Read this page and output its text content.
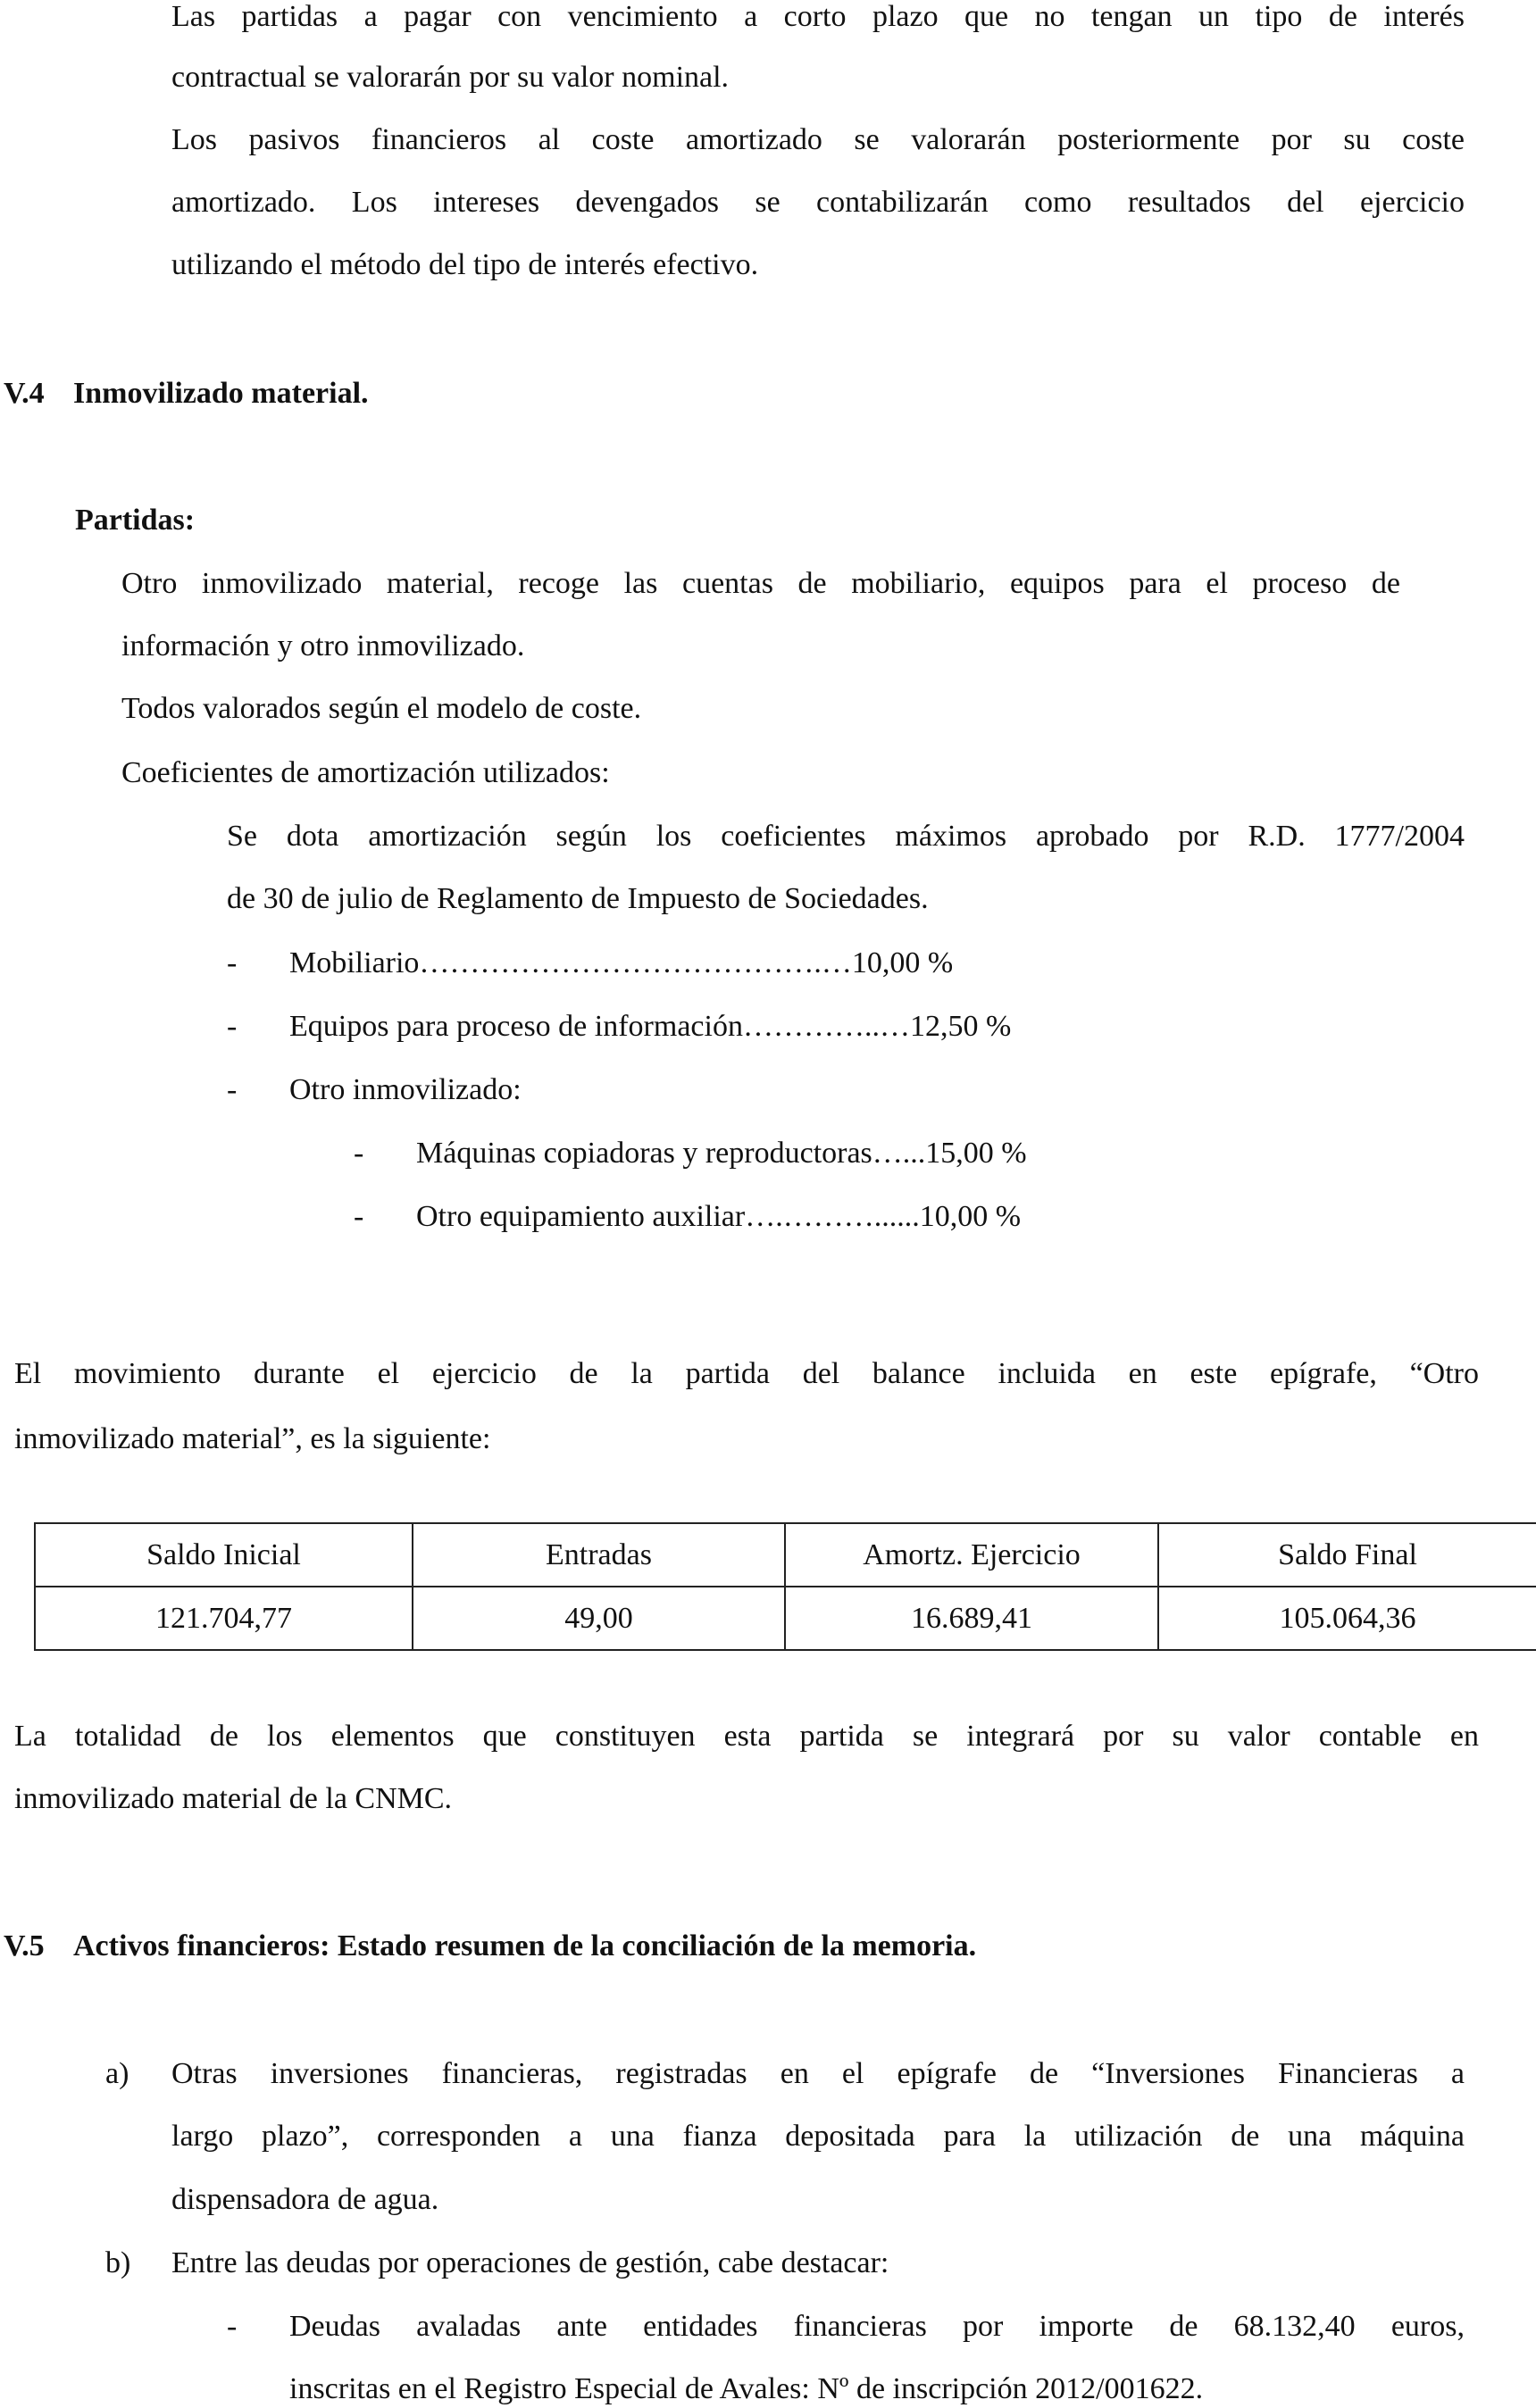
Las partidas a pagar con vencimiento a corto plazo que no tengan un tipo de interés
contractual se valorarán por su valor nominal.
Los pasivos financieros al coste amortizado se valorarán posteriormente por su coste
amortizado. Los intereses devengados se contabilizarán como resultados del ejercicio
utilizando el método del tipo de interés efectivo.
V.4 Inmovilizado material.
Partidas:
Otro inmovilizado material, recoge las cuentas de mobiliario, equipos para el proceso de
información y otro inmovilizado.
Todos valorados según el modelo de coste.
Coeficientes de amortización utilizados:
Se dota amortización según los coeficientes máximos aprobado por R.D. 1777/2004
de 30 de julio de Reglamento de Impuesto de Sociedades.
- Mobiliario………………………………….…10,00 %
- Equipos para proceso de información…………..…12,50 %
- Otro inmovilizado:
- Máquinas copiadoras y reproductoras…...15,00 %
- Otro equipamiento auxiliar….………......10,00 %
El movimiento durante el ejercicio de la partida del balance incluida en este epígrafe, “Otro
inmovilizado material”, es la siguiente:
Saldo Inicial	Entradas	Amortz. Ejercicio	Saldo Final
121.704,77	49,00	16.689,41	105.064,36
La totalidad de los elementos que constituyen esta partida se integrará por su valor contable en
inmovilizado material de la CNMC.
V.5 Activos financieros: Estado resumen de la conciliación de la memoria.
a) Otras inversiones financieras, registradas en el epígrafe de “Inversiones Financieras a
largo plazo”, corresponden a una fianza depositada para la utilización de una máquina
dispensadora de agua.
b) Entre las deudas por operaciones de gestión, cabe destacar:
- Deudas avaladas ante entidades financieras por importe de 68.132,40 euros,
inscritas en el Registro Especial de Avales: Nº de inscripción 2012/001622.
